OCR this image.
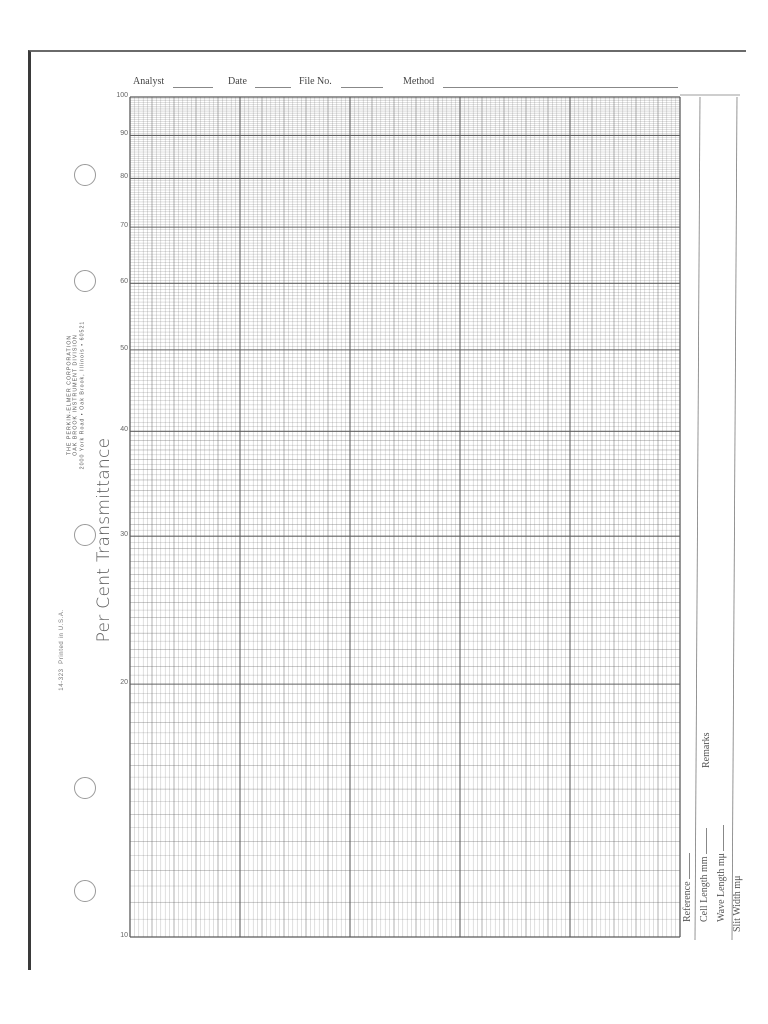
Analyst	Date	File No.	Method
10
20
30
40
50
60
70
80
90
100
Per Cent Transmittance
THE PERKIN-ELMER CORPORATION OAK BROOK INSTRUMENT DIVISION 2000 York Road • Oak Brook, Illinois • 60521
14-323  Printed in U.S.A.
Reference Cell Length mm Wave Length mμ Slit Width mμ
Remarks
